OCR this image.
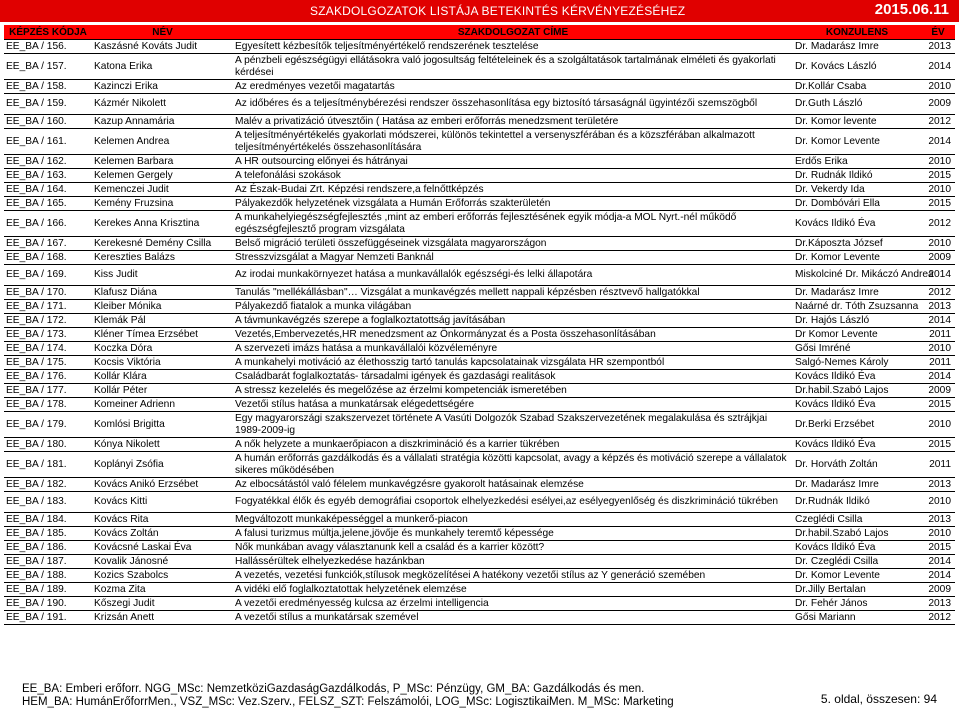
SZAKDOLGOZATOK LISTÁJA BETEKINTÉS KÉRVÉNYEZÉSÉHEZ	2015.06.11
KÉPZÉS KÓDJA	NÉV	SZAKDOLGOZAT CÍME	KONZULENS	ÉV
EE_BA / 156.	Kaszásné Kováts Judit	Egyesített kézbesítők teljesítményértékelő rendszerének tesztelése	Dr. Madarász Imre	2013
EE_BA / 157.	Katona Erika	A pénzbeli egészségügyi ellátásokra való jogosultság feltételeinek és a szolgáltatások tartalmának elméleti és gyakorlati kérdései	Dr. Kovács László	2014
EE_BA / 158.	Kazinczi Erika	Az eredményes vezetői magatartás	Dr.Kollár Csaba	2010
EE_BA / 159.	Kázmér Nikolett	Az időbéres és a teljesítménybérezési rendszer összehasonlítása egy biztosító társaságnál ügyintézői szemszögből	Dr.Guth László	2009
EE_BA / 160.	Kazup Annamária	Malév a privatizáció útvesztőin ( Hatása az emberi erőforrás menedzsment területére	Dr. Komor levente	2012
EE_BA / 161.	Kelemen Andrea	A teljesítményértékelés gyakorlati módszerei, különös tekintettel a versenyszférában és a közszférában alkalmazott teljesítményértékelés összehasonlítására	Dr. Komor Levente	2014
EE_BA / 162.	Kelemen Barbara	A HR outsourcing előnyei és hátrányai	Erdős Erika	2010
EE_BA / 163.	Kelemen Gergely	A telefonálási szokások	Dr. Rudnák Ildikó	2015
EE_BA / 164.	Kemenczei Judit	Az Észak-Budai Zrt. Képzési rendszere,a felnőttképzés	Dr. Vekerdy Ida	2010
EE_BA / 165.	Kemény Fruzsina	Pályakezdők helyzetének vizsgálata a Humán Erőforrás szakterületén	Dr. Dombóvári Ella	2015
EE_BA / 166.	Kerekes Anna Krisztina	A munkahelyiegészségfejlesztés ,mint az emberi erőforrás fejlesztésének egyik módja-a MOL Nyrt.-nél működő egészségfejlesztő program vizsgálata	Kovács Ildikó Éva	2012
EE_BA / 167.	Kerekesné Demény Csilla	Belső migráció területi összefüggéseinek vizsgálata magyarországon	Dr.Káposzta József	2010
EE_BA / 168.	Kereszties Balázs	Stresszvizsgálat a Magyar Nemzeti Banknál	Dr. Komor Levente	2009
EE_BA / 169.	Kiss Judit	Az irodai munkakörnyezet hatása a munkavállalók egészségi-és lelki állapotára	Miskolciné Dr. Mikáczó Andrea	2014
EE_BA / 170.	Klafusz Diána	Tanulás "mellékállásban"… Vizsgálat a munkavégzés mellett nappali képzésben résztvevő hallgatókkal	Dr. Madarász Imre	2012
EE_BA / 171.	Kleiber Mónika	Pályakezdő fiatalok a munka világában	Naárné dr. Tóth Zsuzsanna	2013
EE_BA / 172.	Klemák Pál	A távmunkavégzés szerepe a foglalkoztatottság javításában	Dr. Hajós László	2014
EE_BA / 173.	Kléner Tímea Erzsébet	Vezetés,Embervezetés,HR menedzsment az Önkormányzat és a Posta összehasonlításában	Dr Komor Levente	2011
EE_BA / 174.	Koczka Dóra	A szervezeti imázs hatása a munkavállalói közvéleményre	Gősi Imréné	2010
EE_BA / 175.	Kocsis Viktória	A munkahelyi motiváció az élethosszig tartó tanulás kapcsolatainak vizsgálata HR szempontból	Salgó-Nemes Károly	2011
EE_BA / 176.	Kollár Klára	Családbarát foglalkoztatás- társadalmi igények és gazdasági realitások	Kovács Ildikó Éva	2014
EE_BA / 177.	Kollár Péter	A stressz kezelelés és megelőzése az érzelmi kompetenciák ismeretében	Dr.habil.Szabó Lajos	2009
EE_BA / 178.	Komeiner Adrienn	Vezetői stílus hatása a munkatársak elégedettségére	Kovács Ildikó Éva	2015
EE_BA / 179.	Komlósi Brigitta	Egy magyarországi szakszervezet története A Vasúti Dolgozók Szabad Szakszervezetének megalakulása és sztrájkjai 1989-2009-ig	Dr.Berki Erzsébet	2010
EE_BA / 180.	Kónya Nikolett	A nők helyzete a munkaerőpiacon a diszkrimináció és a karrier tükrében	Kovács Ildikó Éva	2015
EE_BA / 181.	Koplányi Zsófia	A humán erőforrás gazdálkodás és a vállalati stratégia közötti kapcsolat, avagy a képzés és motiváció szerepe a vállalatok sikeres működésében	Dr. Horváth Zoltán	2011
EE_BA / 182.	Kovács Anikó Erzsébet	Az elbocsátástól való félelem munkavégzésre gyakorolt hatásainak elemzése	Dr. Madarász Imre	2013
EE_BA / 183.	Kovács Kitti	Fogyatékkal élők és egyéb demográfiai csoportok elhelyezkedési esélyei,az esélyegyenlőség és diszkrimináció tükrében	Dr.Rudnák Ildikó	2010
EE_BA / 184.	Kovács Rita	Megváltozott munkaképességgel a munkerő-piacon	Czeglédi Csilla	2013
EE_BA / 185.	Kovács Zoltán	A falusi turizmus múltja,jelene,jövője és munkahely teremtő képessége	Dr.habil.Szabó Lajos	2010
EE_BA / 186.	Kovácsné Laskai Éva	Nők munkában avagy választanunk kell a család és a karrier között?	Kovács Ildikó Éva	2015
EE_BA / 187.	Kovalik Jánosné	Hallássérültek elhelyezkedése hazánkban	Dr. Czeglédi Csilla	2014
EE_BA / 188.	Kozics Szabolcs	A vezetés, vezetési funkciók,stílusok megközelítései A hatékony vezetői stílus az Y generáció szemében	Dr. Komor Levente	2014
EE_BA / 189.	Kozma Zita	A vidéki elő foglalkoztatottak helyzetének elemzése	Dr.Jilly Bertalan	2009
EE_BA / 190.	Kőszegi Judit	A vezetői eredményesség kulcsa az érzelmi intelligencia	Dr. Fehér János	2013
EE_BA / 191.	Krizsán Anett	A vezetői stílus a munkatársak szemével	Gősi Mariann	2012
EE_BA: Emberi erőforr. NGG_MSc: NemzetköziGazdaságGazdálkodás, P_MSc: Pénzügy, GM_BA: Gazdálkodás és men.
HEM_BA: HumánErőforrMen., VSZ_MSc: Vez.Szerv., FELSZ_SZT: Felszámolói, LOG_MSc: LogisztikaiMen. M_MSc: Marketing	5. oldal, összesen: 94
